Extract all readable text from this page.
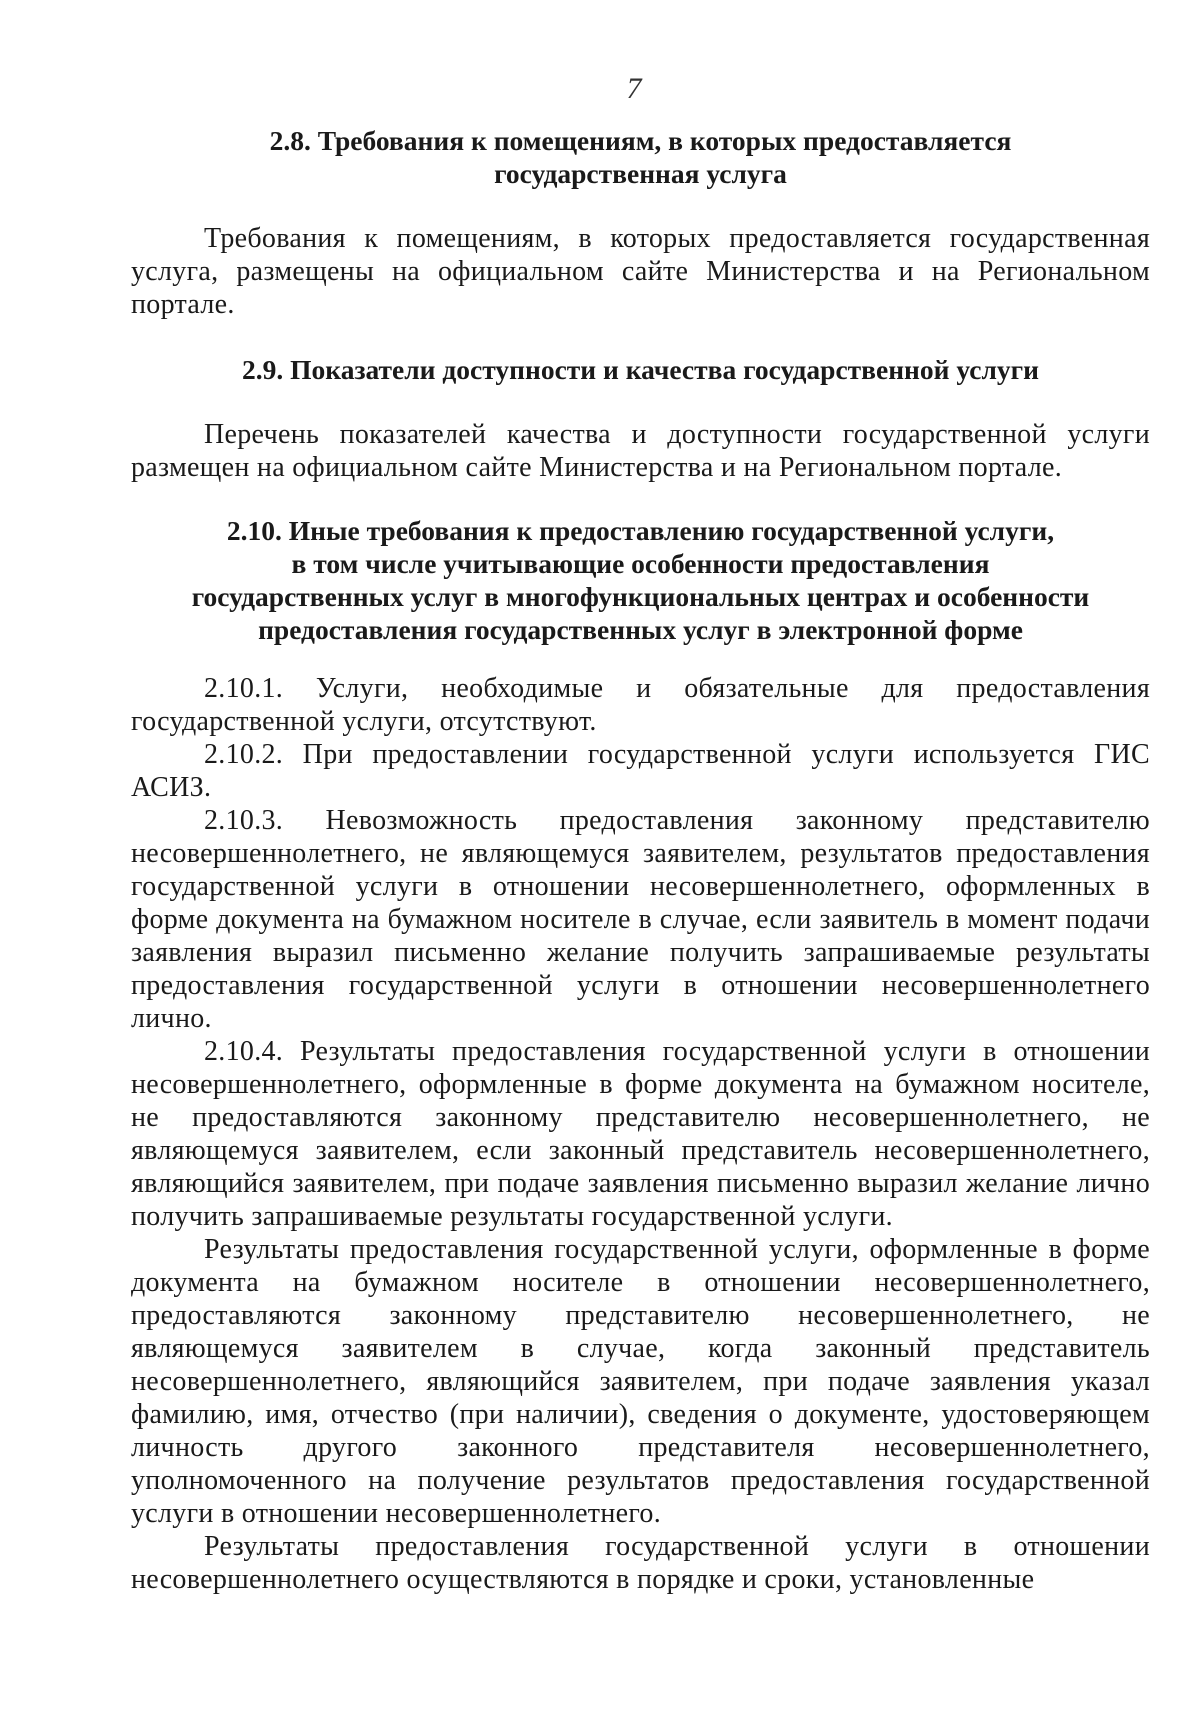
7
2.8. Требования к помещениям, в которых предоставляется
государственная услуга

Требования к помещениям, в которых предоставляется государственная услуга, размещены на официальном сайте Министерства и на Региональном портале.

2.9. Показатели доступности и качества государственной услуги

Перечень показателей качества и доступности государственной услуги размещен на официальном сайте Министерства и на Региональном портале.

2.10. Иные требования к предоставлению государственной услуги,
в том числе учитывающие особенности предоставления
государственных услуг в многофункциональных центрах и особенности
предоставления государственных услуг в электронной форме

2.10.1. Услуги, необходимые и обязательные для предоставления государственной услуги, отсутствуют.

2.10.2. При предоставлении государственной услуги используется ГИС АСИЗ.

2.10.3. Невозможность предоставления законному представителю несовершеннолетнего, не являющемуся заявителем, результатов предоставления государственной услуги в отношении несовершеннолетнего, оформленных в форме документа на бумажном носителе в случае, если заявитель в момент подачи заявления выразил письменно желание получить запрашиваемые результаты предоставления государственной услуги в отношении несовершеннолетнего лично.

2.10.4. Результаты предоставления государственной услуги в отношении несовершеннолетнего, оформленные в форме документа на бумажном носителе, не предоставляются законному представителю несовершеннолетнего, не являющемуся заявителем, если законный представитель несовершеннолетнего, являющийся заявителем, при подаче заявления письменно выразил желание лично получить запрашиваемые результаты государственной услуги.

Результаты предоставления государственной услуги, оформленные в форме документа на бумажном носителе в отношении несовершеннолетнего, предоставляются законному представителю несовершеннолетнего, не являющемуся заявителем в случае, когда законный представитель несовершеннолетнего, являющийся заявителем, при подаче заявления указал фамилию, имя, отчество (при наличии), сведения о документе, удостоверяющем личность другого законного представителя несовершеннолетнего, уполномоченного на получение результатов предоставления государственной услуги в отношении несовершеннолетнего.

Результаты предоставления государственной услуги в отношении несовершеннолетнего осуществляются в порядке и сроки, установленные
